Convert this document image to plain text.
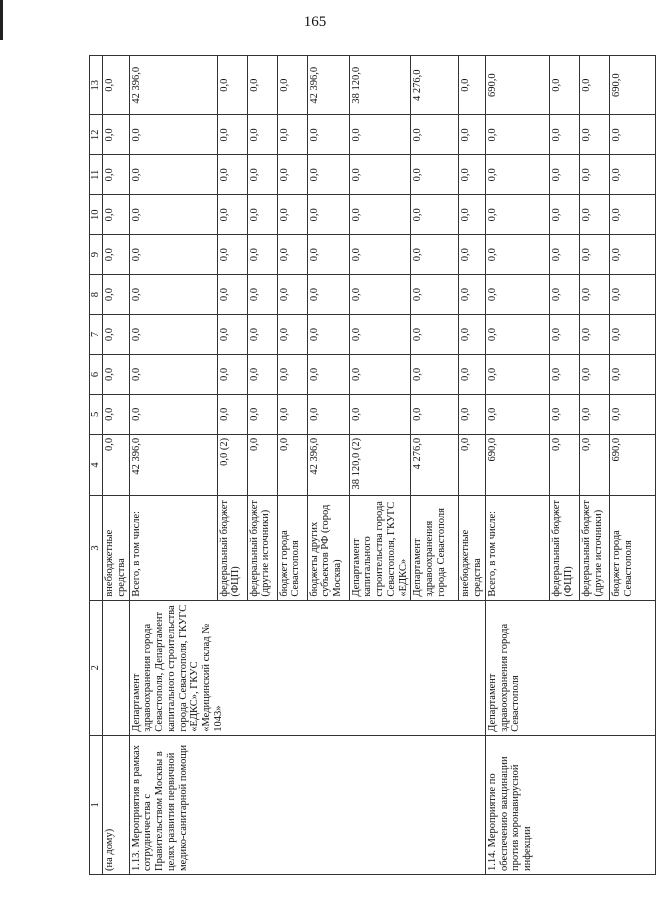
165
1	2	3	4	5	6	7	8	9	10	11	12	13
(на дому)		внебюджетные средства	0,0	0,0	0,0	0,0	0,0	0,0	0,0	0,0	0,0	0,0
1.13. Мероприятия в рамках сотрудничества с Правительством Москвы в целях развития первичной медико-санитарной помощи	Департамент здравоохранения города Севастополя, Департамент капитального строительства города Севастополя, ГКУГС «ЕДКС», ГКУС «Медицинский склад № 1043»	Всего, в том числе:	42 396,0	0,0	0,0	0,0	0,0	0,0	0,0	0,0	0,0	42 396,0
		федеральный бюджет (ФЦП)	0,0 (2)	0,0	0,0	0,0	0,0	0,0	0,0	0,0	0,0	0,0
		федеральный бюджет (другие источники)	0,0	0,0	0,0	0,0	0,0	0,0	0,0	0,0	0,0	0,0
		бюджет города Севастополя	0,0	0,0	0,0	0,0	0,0	0,0	0,0	0,0	0,0	0,0
		бюджеты других субъектов РФ (город Москва)	42 396,0	0,0	0,0	0,0	0,0	0,0	0,0	0,0	0,0	42 396,0
		Департамент капитального строительства города Севастополя, ГКУГС «ЕДКС»	38 120,0 (2)	0,0	0,0	0,0	0,0	0,0	0,0	0,0	0,0	38 120,0
		Департамент здравоохранения города Севастополя	4 276,0	0,0	0,0	0,0	0,0	0,0	0,0	0,0	0,0	4 276,0
		внебюджетные средства	0,0	0,0	0,0	0,0	0,0	0,0	0,0	0,0	0,0	0,0
1.14. Мероприятие по обеспечению вакцинации против коронавирусной инфекции	Департамент здравоохранения города Севастополя	Всего, в том числе:	690,0	0,0	0,0	0,0	0,0	0,0	0,0	0,0	0,0	690,0
		федеральный бюджет (ФЦП)	0,0	0,0	0,0	0,0	0,0	0,0	0,0	0,0	0,0	0,0
		федеральный бюджет (другие источники)	0,0	0,0	0,0	0,0	0,0	0,0	0,0	0,0	0,0	0,0
		бюджет города Севастополя	690,0	0,0	0,0	0,0	0,0	0,0	0,0	0,0	0,0	690,0
